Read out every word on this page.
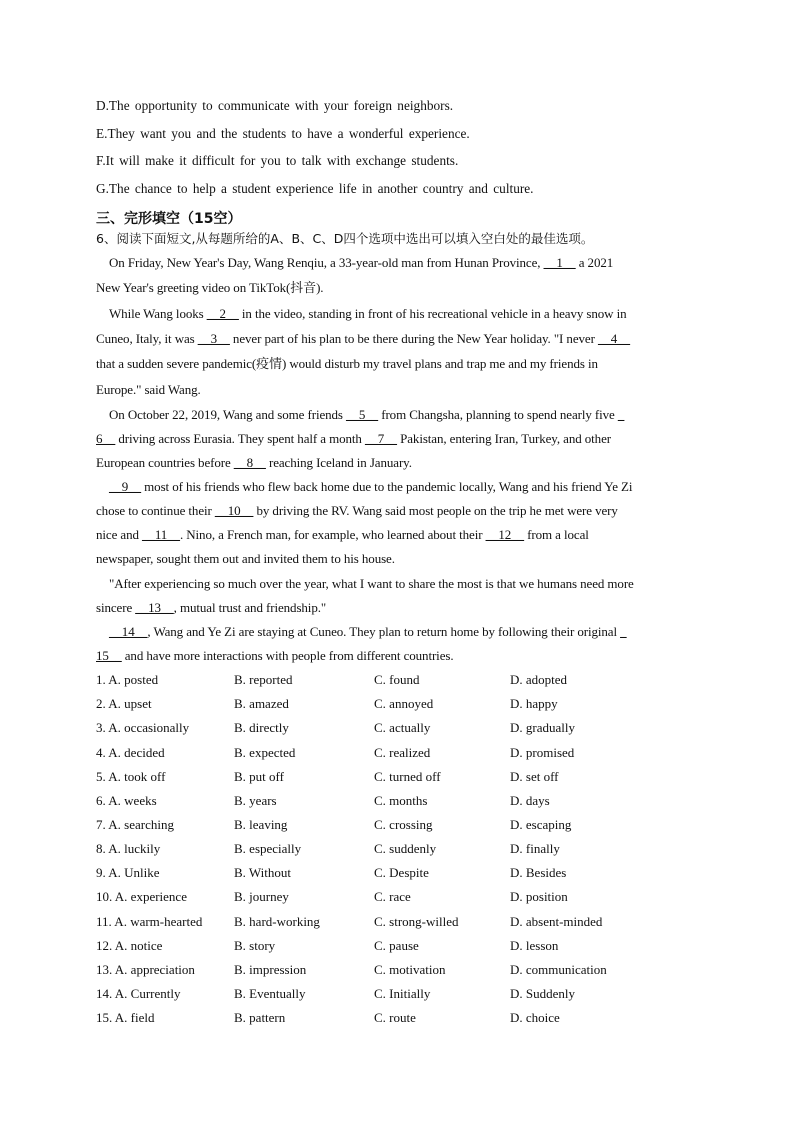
D.The opportunity to communicate with your foreign neighbors.
E.They want you and the students to have a wonderful experience.
F.It will make it difficult for you to talk with exchange students.
G.The chance to help a student experience life in another country and culture.
三、完形填空（15空）
6、阅读下面短文,从每题所给的A、B、C、D四个选项中选出可以填入空白处的最佳选项。
On Friday, New Year's Day, Wang Renqiu, a 33-year-old man from Hunan Province, __1__ a 2021
New Year's greeting video on TikTok(抖音).
While Wang looks __2__ in the video, standing in front of his recreational vehicle in a heavy snow in
Cuneo, Italy, it was __3__ never part of his plan to be there during the New Year holiday. "I never __4__
that a sudden severe pandemic(疫情) would disturb my travel plans and trap me and my friends in
Europe." said Wang.
On October 22, 2019, Wang and some friends __5__ from Changsha, planning to spend nearly five _
6__ driving across Eurasia. They spent half a month __7__ Pakistan, entering Iran, Turkey, and other
European countries before __8__ reaching Iceland in January.
__9__ most of his friends who flew back home due to the pandemic locally, Wang and his friend Ye Zi
chose to continue their __10__ by driving the RV. Wang said most people on the trip he met were very
nice and __11__. Nino, a French man, for example, who learned about their __12__ from a local
newspaper, sought them out and invited them to his house.
"After experiencing so much over the year, what I want to share the most is that we humans need more
sincere __13__, mutual trust and friendship."
__14__, Wang and Ye Zi are staying at Cuneo. They plan to return home by following their original _
15__ and have more interactions with people from different countries.
1. A. posted	B. reported	C. found	D. adopted
2. A. upset	B. amazed	C. annoyed	D. happy
3. A. occasionally	B. directly	C. actually	D. gradually
4. A. decided	B. expected	C. realized	D. promised
5. A. took off	B. put off	C. turned off	D. set off
6. A. weeks	B. years	C. months	D. days
7. A. searching	B. leaving	C. crossing	D. escaping
8. A. luckily	B. especially	C. suddenly	D. finally
9. A. Unlike	B. Without	C. Despite	D. Besides
10. A. experience	B. journey	C. race	D. position
11. A. warm-hearted B. hard-working	C. strong-willed	D. absent-minded
12. A. notice	B. story	C. pause	D. lesson
13. A. appreciation	B. impression	C. motivation	D. communication
14. A. Currently	B. Eventually	C. Initially	D. Suddenly
15. A. field	B. pattern	C. route	D. choice
